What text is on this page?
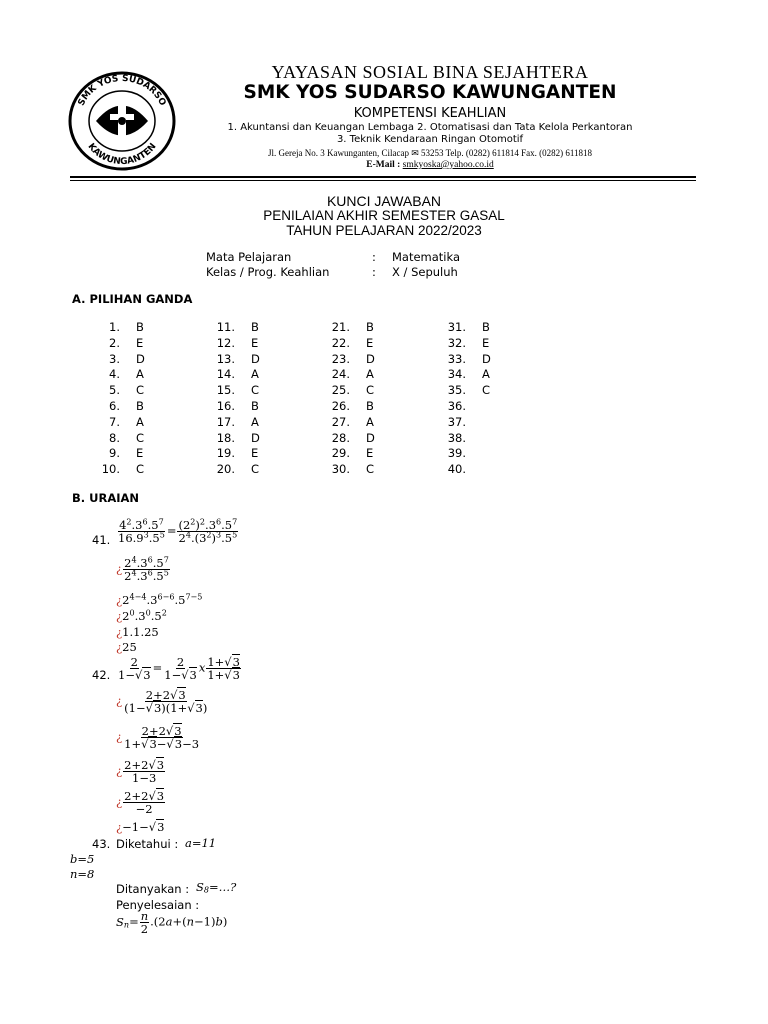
SMK YOS SUDARSO
KAWUNGANTEN
YAYASAN SOSIAL BINA SEJAHTERA
SMK YOS SUDARSO KAWUNGANTEN
KOMPETENSI KEAHLIAN
1. Akuntansi dan Keuangan Lembaga 2. Otomatisasi dan Tata Kelola Perkantoran
3. Teknik Kendaraan Ringan Otomotif
Jl. Gereja No. 3 Kawunganten, Cilacap ✉ 53253 Telp. (0282) 611814 Fax. (0282) 611818
E-Mail : smkyoska@yahoo.co.id
KUNCI JAWABAN
PENILAIAN AKHIR SEMESTER GASAL
TAHUN PELAJARAN 2022/2023
Mata Pelajaran	: Matematika
Kelas / Prog. Keahlian	: X / Sepuluh
A. PILIHAN GANDA
1. B
2. E
3. D
4. A
5. C
6. B
7. A
8. C
9. E
10. C
11. B
12. E
13. D
14. A
15. C
16. B
17. A
18. D
19. E
20. C
21. B
22. E
23. D
24. A
25. C
26. B
27. A
28. D
29. E
30. C
31. B
32. E
33. D
34. A
35. C
36.
37.
38.
39.
40.
B. URAIAN
41. $\frac{4^2.3^6.5^7}{16.9^3.5^5} = \frac{(2^2)^2.3^6.5^7}{2^4.(3^2)^3.5^5}$
¿ $\frac{2^4.3^6.5^7}{2^4.3^6.5^5}$
¿$2^{4-4}.3^{6-6}.5^{7-5}$
¿$2^0.3^0.5^2$
¿1.1.25
¿25
42. $\frac{2}{1-√3} = \frac{2}{1-√3}$ x $\frac{1+√3}{1+√3}$
¿ $\frac{2+2√3}{(1-√3)(1+√3)}$
¿ $\frac{2+2√3}{1+√3-√3-3}$
¿ $\frac{2+2√3}{1-3}$
¿ $\frac{2+2√3}{-2}$
¿−1−√3
43. Diketahui : a=11
b=5
n=8
Ditanyakan : $S_8=\dots$?
Penyelesaian :
$S_n= \frac{n}{2} .(2a+(n-1)b)$
